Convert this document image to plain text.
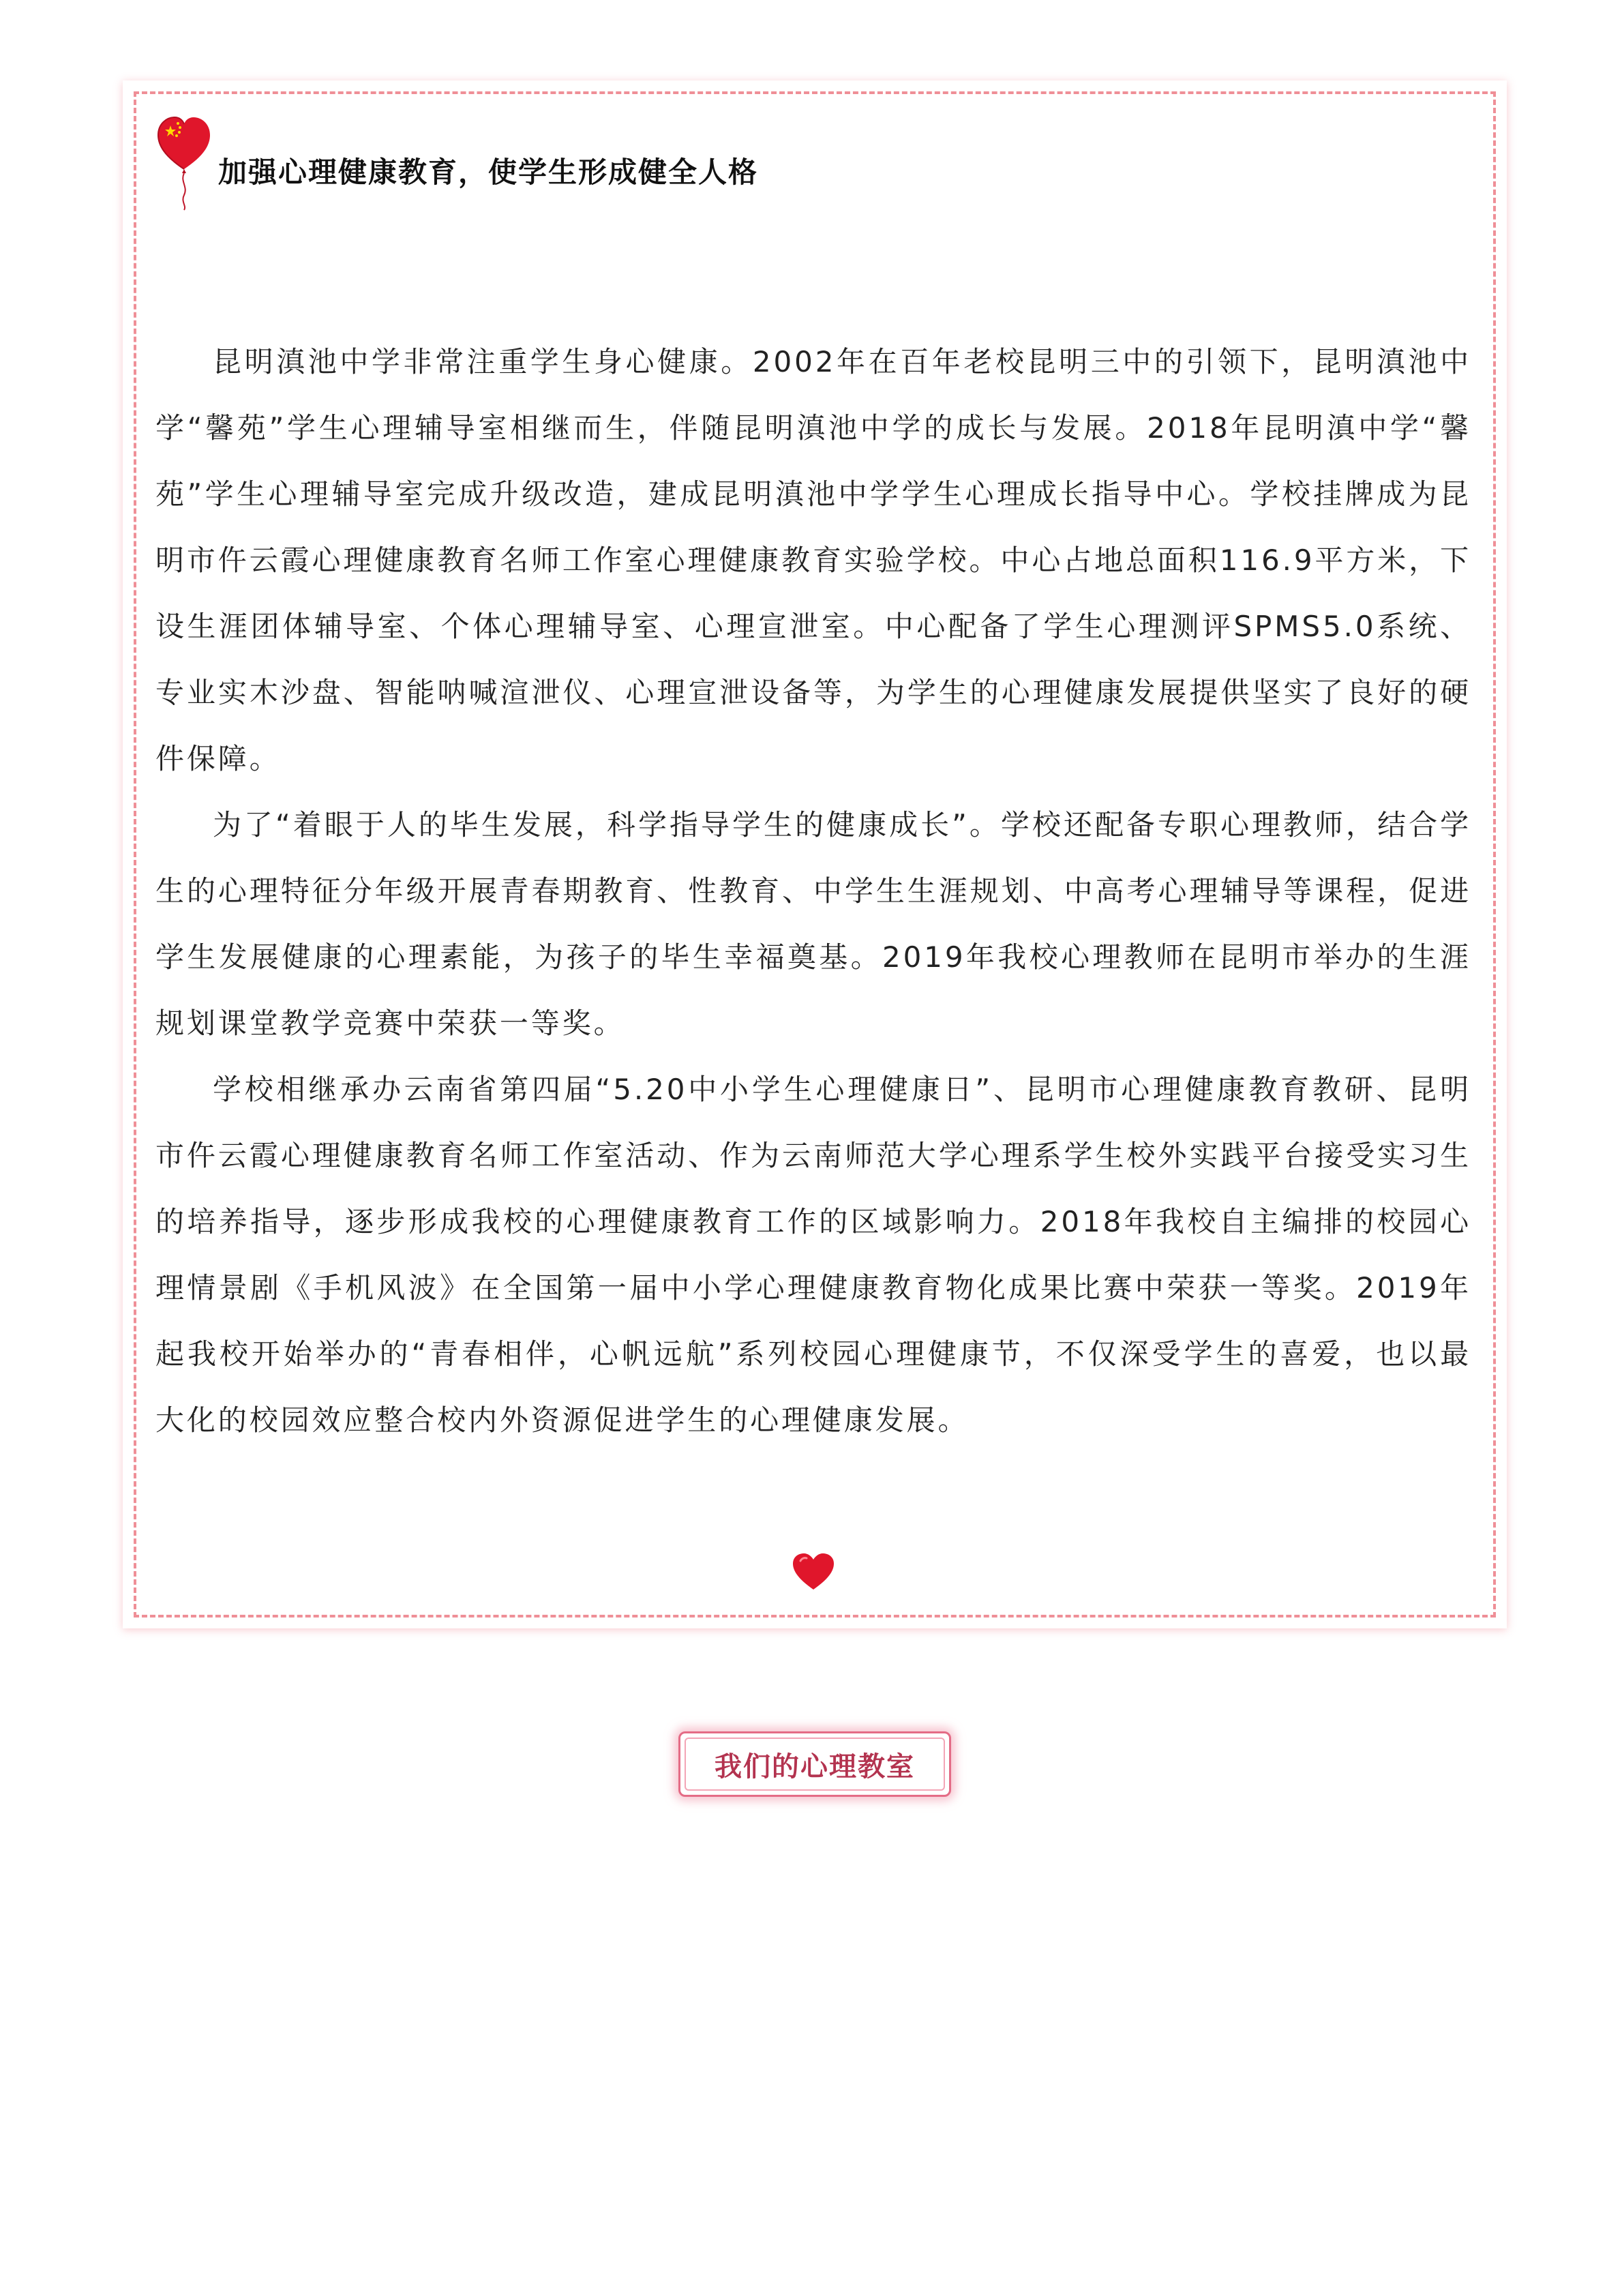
加强心理健康教育，使学生形成健全人格

昆明滇池中学非常注重学生身心健康。2002年在百年老校昆明三中的引领下，昆明滇池中学“馨苑”学生心理辅导室相继而生，伴随昆明滇池中学的成长与发展。2018年昆明滇中学“馨苑”学生心理辅导室完成升级改造，建成昆明滇池中学学生心理成长指导中心。学校挂牌成为昆明市仵云霞心理健康教育名师工作室心理健康教育实验学校。中心占地总面积116.9平方米，下设生涯团体辅导室、个体心理辅导室、心理宣泄室。中心配备了学生心理测评SPMS5.0系统、专业实木沙盘、智能呐喊渲泄仪、心理宣泄设备等，为学生的心理健康发展提供坚实了良好的硬件保障。

为了“着眼于人的毕生发展，科学指导学生的健康成长”。学校还配备专职心理教师，结合学生的心理特征分年级开展青春期教育、性教育、中学生生涯规划、中高考心理辅导等课程，促进学生发展健康的心理素能，为孩子的毕生幸福奠基。2019年我校心理教师在昆明市举办的生涯规划课堂教学竞赛中荣获一等奖。

学校相继承办云南省第四届“5.20中小学生心理健康日”、昆明市心理健康教育教研、昆明市仵云霞心理健康教育名师工作室活动、作为云南师范大学心理系学生校外实践平台接受实习生的培养指导，逐步形成我校的心理健康教育工作的区域影响力。2018年我校自主编排的校园心理情景剧《手机风波》在全国第一届中小学心理健康教育物化成果比赛中荣获一等奖。2019年起我校开始举办的“青春相伴，心帆远航”系列校园心理健康节，不仅深受学生的喜爱，也以最大化的校园效应整合校内外资源促进学生的心理健康发展。

我们的心理教室
